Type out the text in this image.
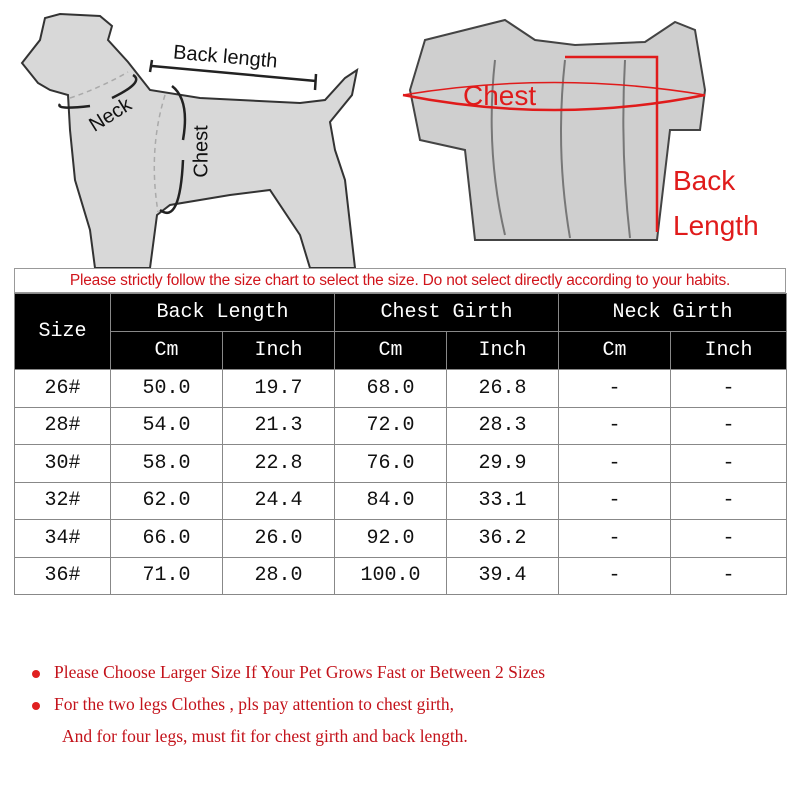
Back length
Neck
Chest
Chest
Back
Length
Please strictly follow the size chart to select the size. Do not select directly according to your habits.
Size	Back Length		Chest Girth		Neck Girth	
	Cm	Inch	Cm	Inch	Cm	Inch
26#	50.0	19.7	68.0	26.8	-	-
28#	54.0	21.3	72.0	28.3	-	-
30#	58.0	22.8	76.0	29.9	-	-
32#	62.0	24.4	84.0	33.1	-	-
34#	66.0	26.0	92.0	36.2	-	-
36#	71.0	28.0	100.0	39.4	-	-
Please Choose Larger Size If Your Pet Grows Fast or Between 2 Sizes
For the two legs Clothes , pls pay attention to chest girth,
And for four legs, must fit for chest girth and back length.
